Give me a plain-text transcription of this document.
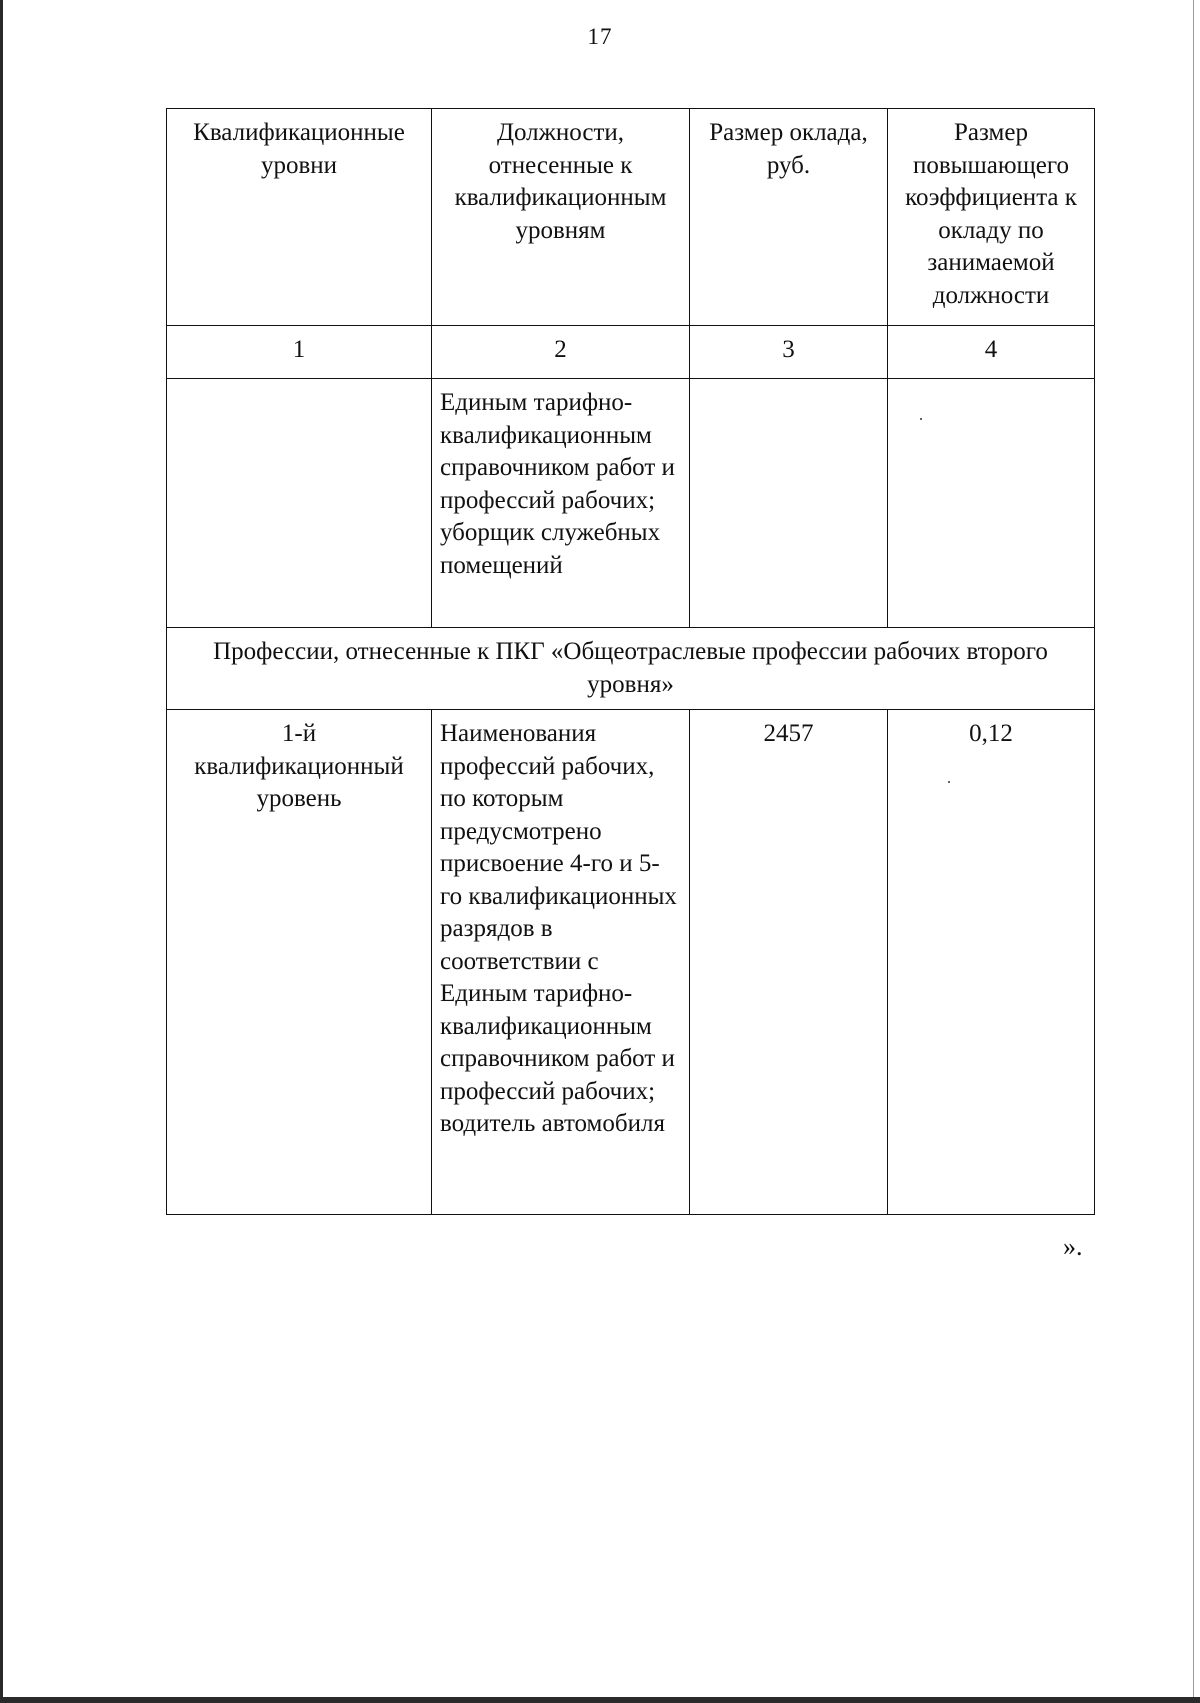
17
Квалификационные уровни	Должности, отнесенные к квалификационным уровням	Размер оклада, руб.	Размер повышающего коэффициента к окладу по занимаемой должности
1	2	3	4
	Единым тарифно-квалификационным справочником работ и профессий рабочих; уборщик служебных помещений		
Профессии, отнесенные к ПКГ «Общеотраслевые профессии рабочих второго уровня»			
1-й квалификационный уровень	Наименования профессий рабочих, по которым предусмотрено присвоение 4-го и 5-го квалификационных разрядов в соответствии с Единым тарифно-квалификационным справочником работ и профессий рабочих; водитель автомобиля	2457	0,12
».
